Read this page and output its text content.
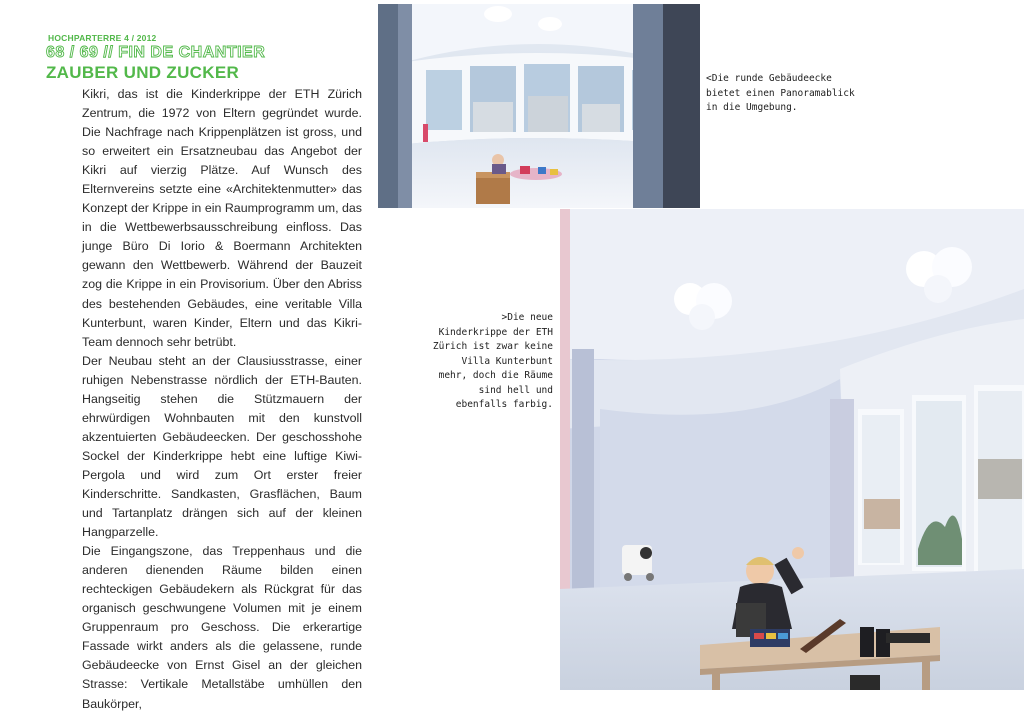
HOCHPARTERRE 4 / 2012
68 / 69 // FIN DE CHANTIER
ZAUBER UND ZUCKER

Kikri, das ist die Kinderkrippe der ETH Zürich Zentrum, die 1972 von Eltern gegründet wurde. Die Nachfrage nach Krippenplätzen ist gross, und so erweitert ein Ersatzneubau das Angebot der Kikri auf vierzig Plätze. Auf Wunsch des Elternvereins setzte eine «Architektenmutter» das Konzept der Krippe in ein Raumprogramm um, das in die Wettbewerbsausschreibung einfloss. Das junge Büro Di Iorio & Boermann Architekten gewann den Wettbewerb. Während der Bauzeit zog die Krippe in ein Provisorium. Über den Abriss des bestehenden Gebäudes, eine veritable Villa Kunterbunt, waren Kinder, Eltern und das Kikri-Team dennoch sehr betrübt.

Der Neubau steht an der Clausiusstrasse, einer ruhigen Nebenstrasse nördlich der ETH-Bauten. Hangseitig stehen die Stützmauern der ehrwürdigen Wohnbauten mit den kunstvoll akzentuierten Gebäudeecken. Der geschosshohe Sockel der Kinderkrippe hebt eine luftige Kiwi-Pergola und wird zum Ort erster freier Kinderschritte. Sandkasten, Grasflächen, Baum und Tartanplatz drängen sich auf der kleinen Hangparzelle.

Die Eingangszone, das Treppenhaus und die anderen dienenden Räume bilden einen rechteckigen Gebäudekern als Rückgrat für das organisch geschwungene Volumen mit je einem Gruppenraum pro Geschoss. Die erkerartige Fassade wirkt anders als die gelassene, runde Gebäudeecke von Ernst Gisel an der gleichen Strasse: Vertikale Metallstäbe umhüllen den Baukörper,

<Die runde Gebäudeecke bietet einen Panoramablick in die Umgebung.
>Die neue Kinderkrippe der ETH Zürich ist zwar keine Villa Kunterbunt mehr, doch die Räume sind hell und ebenfalls farbig.
